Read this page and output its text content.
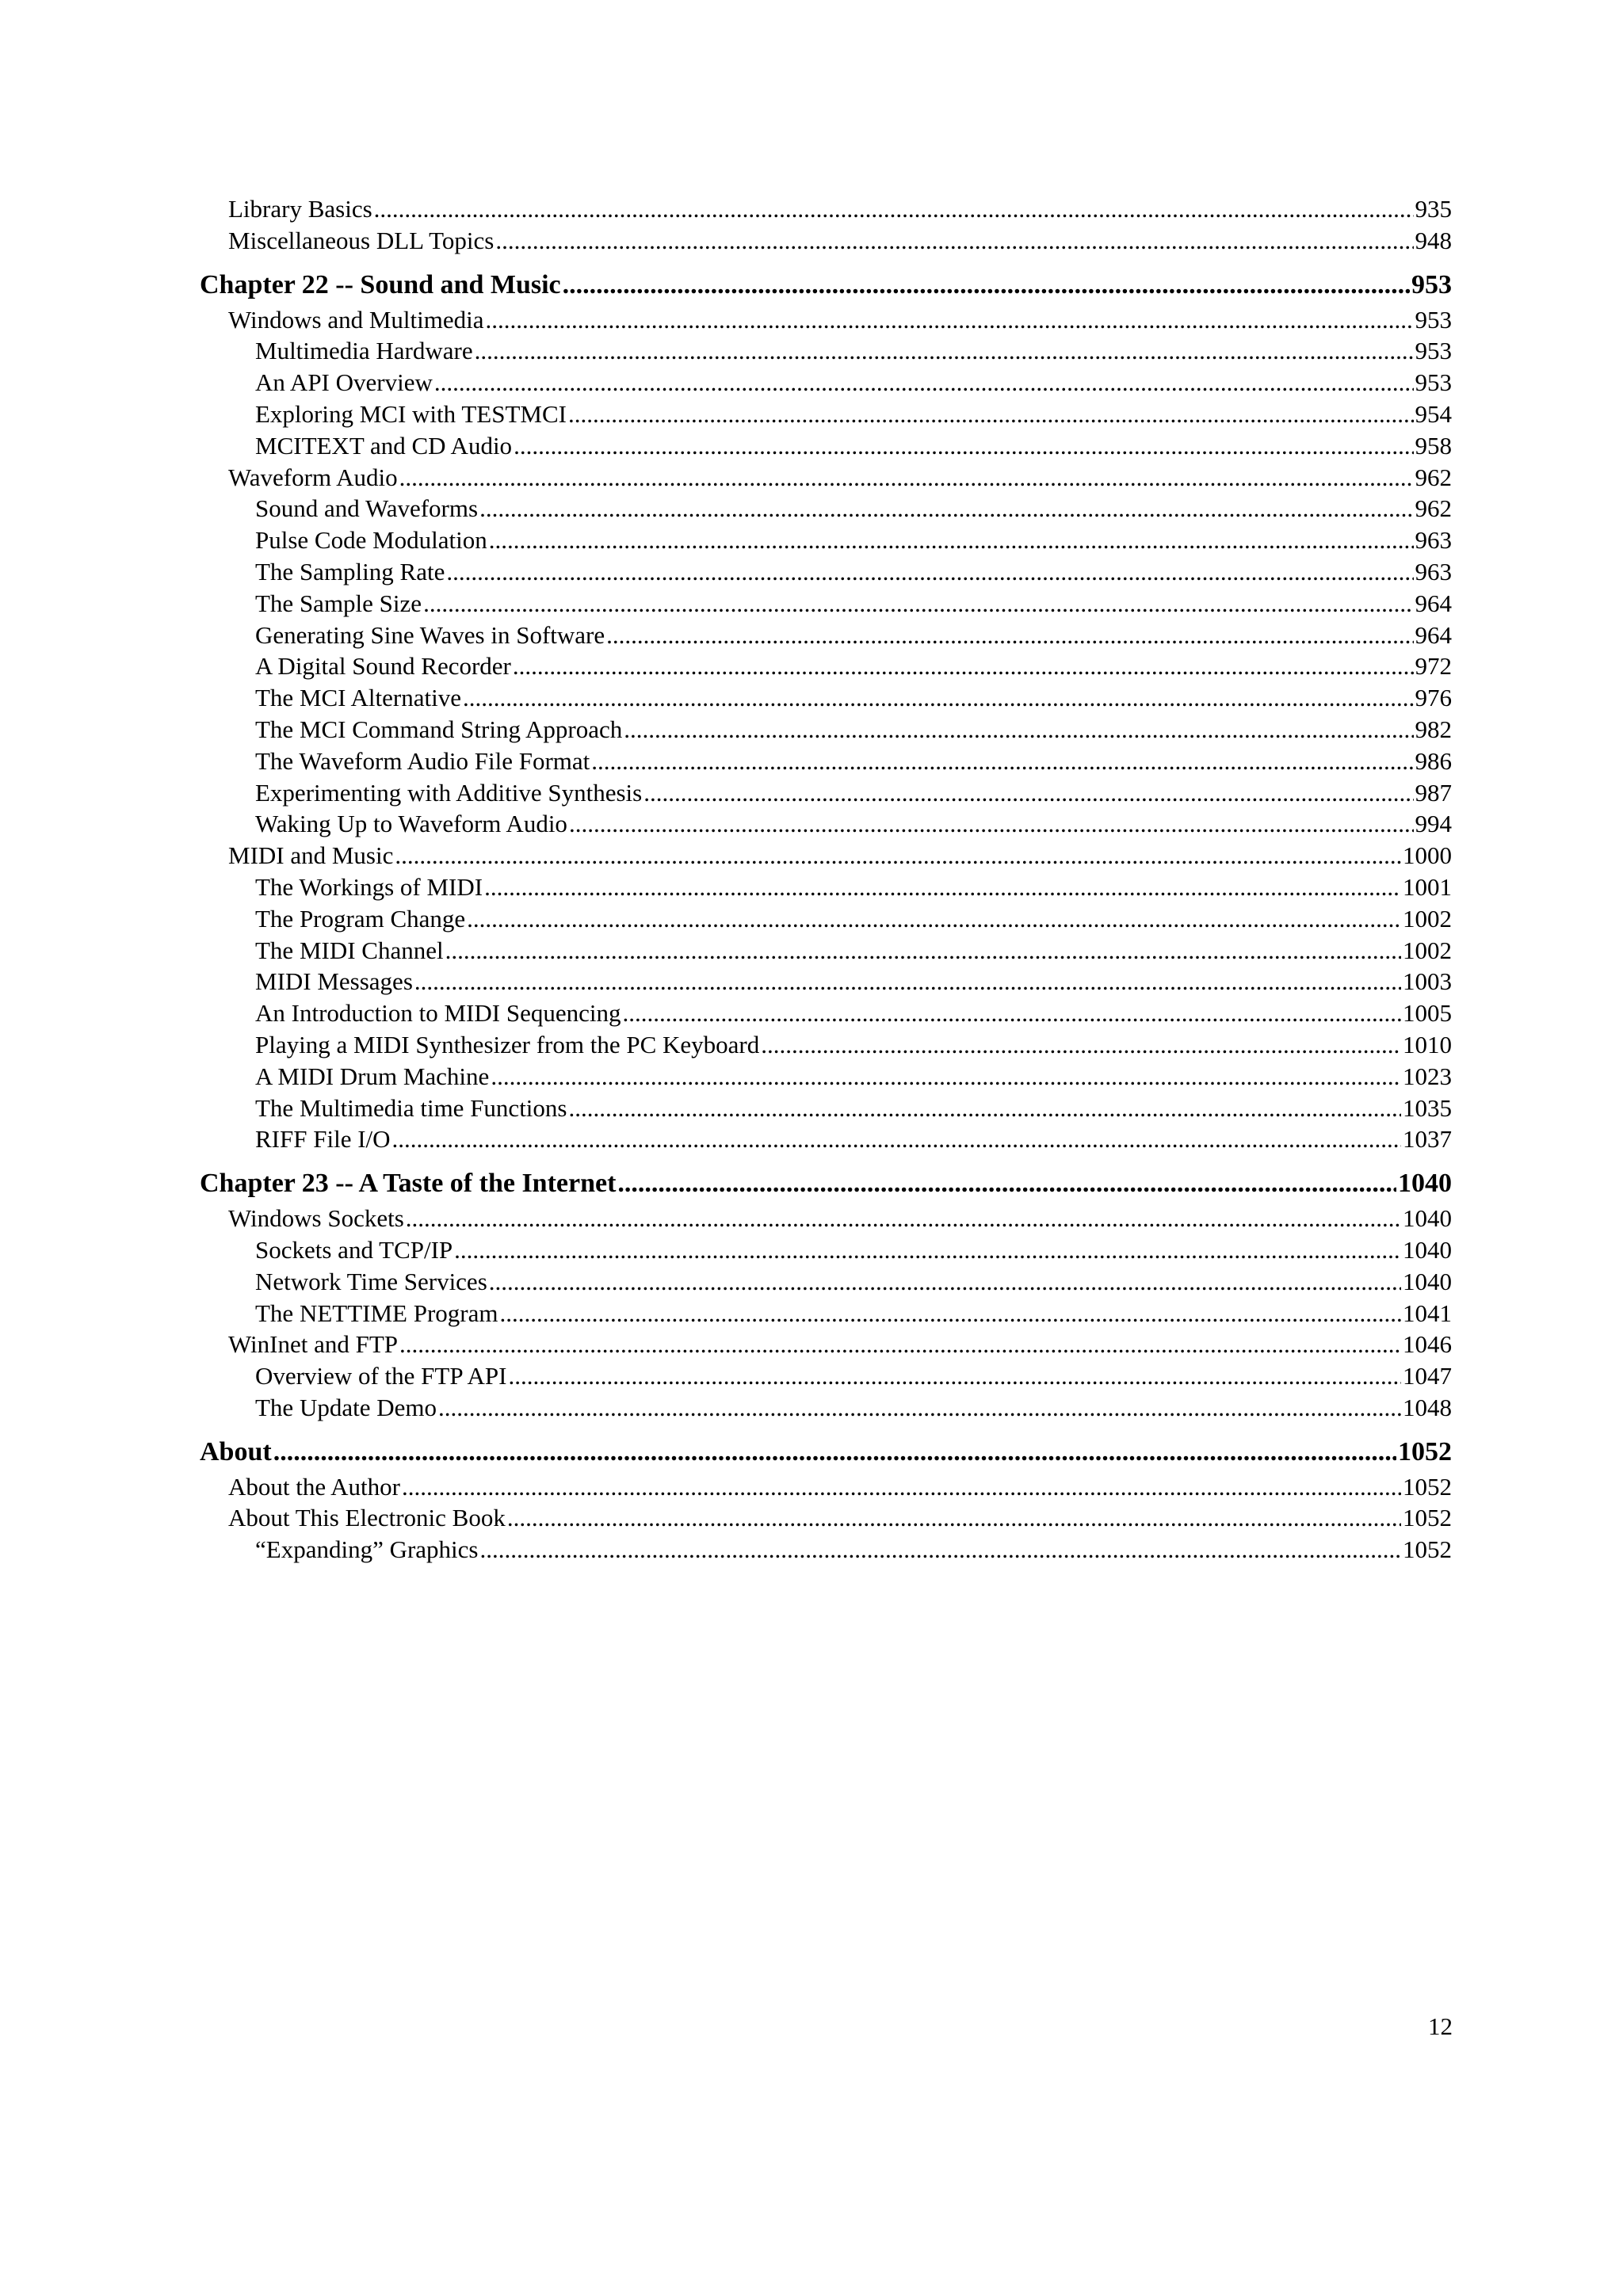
Library Basics .....	935
Miscellaneous DLL Topics .....	948
Chapter 22 -- Sound and Music .....	953
Windows and Multimedia .....	953
Multimedia Hardware .....	953
An API Overview .....	953
Exploring MCI with TESTMCI .....	954
MCITEXT and CD Audio .....	958
Waveform Audio .....	962
Sound and Waveforms .....	962
Pulse Code Modulation .....	963
The Sampling Rate .....	963
The Sample Size .....	964
Generating Sine Waves in Software .....	964
A Digital Sound Recorder .....	972
The MCI Alternative .....	976
The MCI Command String Approach .....	982
The Waveform Audio File Format .....	986
Experimenting with Additive Synthesis .....	987
Waking Up to Waveform Audio .....	994
MIDI and Music .....	1000
The Workings of MIDI .....	1001
The Program Change .....	1002
The MIDI Channel .....	1002
MIDI Messages .....	1003
An Introduction to MIDI Sequencing .....	1005
Playing a MIDI Synthesizer from the PC Keyboard .....	1010
A MIDI Drum Machine .....	1023
The Multimedia time Functions .....	1035
RIFF File I/O .....	1037
Chapter 23 -- A Taste of the Internet .....	1040
Windows Sockets .....	1040
Sockets and TCP/IP .....	1040
Network Time Services .....	1040
The NETTIME Program .....	1041
WinInet and FTP .....	1046
Overview of the FTP API .....	1047
The Update Demo .....	1048
About .....	1052
About the Author .....	1052
About This Electronic Book .....	1052
“Expanding” Graphics .....	1052
12
